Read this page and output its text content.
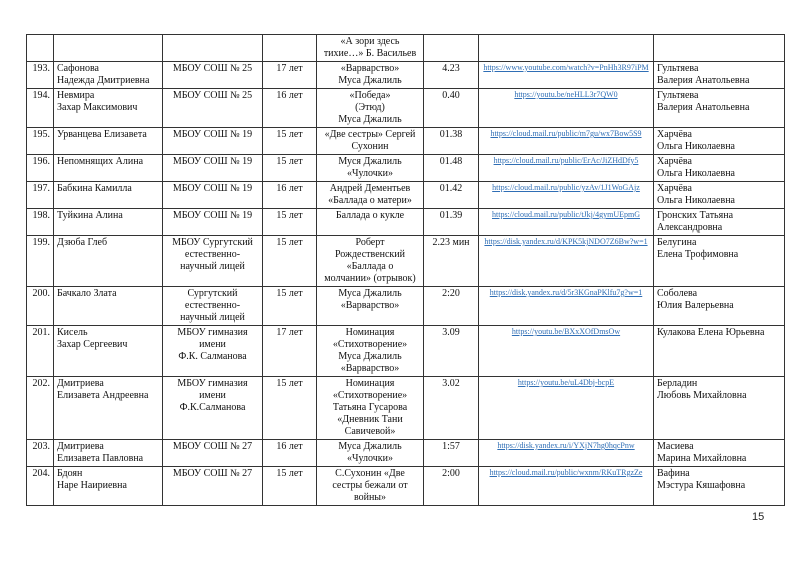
				«А зори здесь
тихие…» Б. Васильев			

193.	Сафонова
Надежда Дмитриевна	МБОУ СОШ № 25	17 лет	«Варварство»
Муса Джалиль	4.23	https://www.youtube.com/watch?v=PnHh3R97iPM	Гультяева
Валерия Анатольевна

194.	Невмира
Захар Максимович	МБОУ СОШ № 25	16 лет	«Победа»
(Этюд)
Муса Джалиль	0.40	https://youtu.be/neHLL3r7QW0	Гультяева
Валерия Анатольевна

195.	Урванцева Елизавета	МБОУ СОШ № 19	15 лет	«Две сестры» Сергей
Сухонин	01.38	https://cloud.mail.ru/public/m7gu/wx7Bow5S9	Харчёва
Ольга Николаевна

196.	Непомнящих Алина	МБОУ СОШ № 19	15 лет	Муся Джалиль
«Чулочки»	01.48	https://cloud.mail.ru/public/ErAc/JiZHdDfy5	Харчёва
Ольга Николаевна

197.	Бабкина Камилла	МБОУ СОШ № 19	16 лет	Андрей Дементьев
«Баллада о матери»	01.42	https://cloud.mail.ru/public/yzAv/1J1WoGAjz	Харчёва
Ольга Николаевна

198.	Туйкина Алина	МБОУ СОШ № 19	15 лет	Баллада о кукле	01.39	https://cloud.mail.ru/public/tJkj/4gymUEpmG	Гронских Татьяна
Александровна

199.	Дзюба Глеб	МБОУ Сургутский
естественно-
научный лицей	15 лет	Роберт
Рождественский
«Баллада о
молчании» (отрывок)	2.23 мин	https://disk.yandex.ru/d/KPK5kjNDO7Z6Bw?w=1	Белугина
Елена Трофимовна

200.	Бачкало Злата	Сургутский
естественно-
научный лицей	15 лет	Муса Джалиль
«Варварство»	2:20	https://disk.yandex.ru/d/5r3KGnaPKlfu7g?w=1	Соболева
Юлия Валерьевна

201.	Кисель
Захар Сергеевич	МБОУ гимназия
имени
Ф.К. Салманова	17 лет	Номинация
«Стихотворение»
Муса Джалиль
«Варварство»	3.09	https://youtu.be/BXxXOfDmsOw	Кулакова Елена Юрьевна

202.	Дмитриева
Елизавета Андреевна	МБОУ гимназия
имени
Ф.К.Салманова	15 лет	Номинация
«Стихотворение»
Татьяна Гусарова
«Дневник Тани
Савичевой»	3.02	https://youtu.be/uL4Dbj-bcpE	Берладин
Любовь Михайловна

203.	Дмитриева
Елизавета Павловна	МБОУ СОШ № 27	16 лет	Муса Джалиль
«Чулочки»	1:57	https://disk.yandex.ru/i/YXjN7hg0hqcPnw	Масиева
Марина Михайловна

204.	Бдоян
Наре Наириевна	МБОУ СОШ № 27	15 лет	С.Сухонин «Две
сестры бежали от
войны»	2:00	https://cloud.mail.ru/public/wxnm/RKuTRgzZe	Вафина
Мэстура Кяшафовна
15
